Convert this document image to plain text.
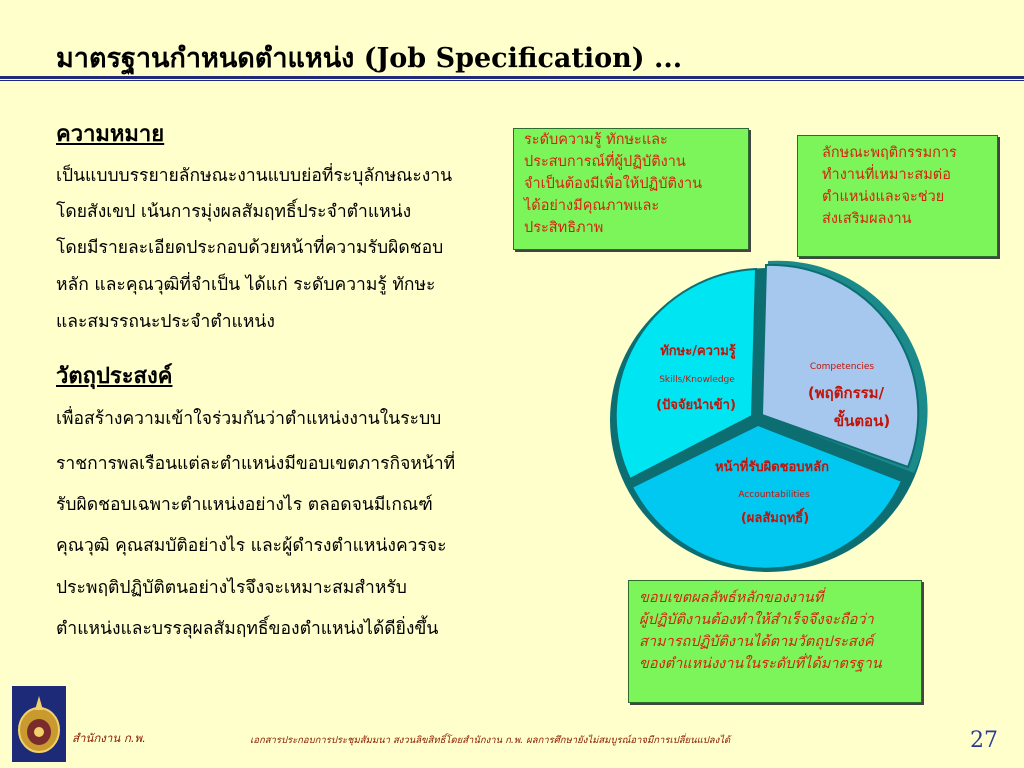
มาตรฐานกำหนดตำแหน่ง (Job Specification) ...
ความหมาย

เป็นแบบบรรยายลักษณะงานแบบย่อที่ระบุลักษณะงาน

โดยสังเขป เน้นการมุ่งผลสัมฤทธิ์ประจำตำแหน่ง

โดยมีรายละเอียดประกอบด้วยหน้าที่ความรับผิดชอบ

หลัก และคุณวุฒิที่จำเป็น ได้แก่ ระดับความรู้ ทักษะ

และสมรรถนะประจำตำแหน่ง

วัตถุประสงค์

เพื่อสร้างความเข้าใจร่วมกันว่าตำแหน่งงานในระบบ

ราชการพลเรือนแต่ละตำแหน่งมีขอบเขตภารกิจหน้าที่

รับผิดชอบเฉพาะตำแหน่งอย่างไร ตลอดจนมีเกณฑ์

คุณวุฒิ คุณสมบัติอย่างไร และผู้ดำรงตำแหน่งควรจะ

ประพฤติปฏิบัติตนอย่างไรจึงจะเหมาะสมสำหรับ

ตำแหน่งและบรรลุผลสัมฤทธิ์ของตำแหน่งได้ดียิ่งขึ้น

ระดับความรู้ ทักษะและ
ประสบการณ์ที่ผู้ปฏิบัติงาน
จำเป็นต้องมีเพื่อให้ปฏิบัติงาน
ได้อย่างมีคุณภาพและ
ประสิทธิภาพ
ลักษณะพฤติกรรมการ
ทำงานที่เหมาะสมต่อ
ตำแหน่งและจะช่วย
ส่งเสริมผลงาน
ขอบเขตผลลัพธ์หลักของงานที่
ผู้ปฏิบัติงานต้องทำให้สำเร็จจึงจะถือว่า
สามารถปฏิบัติงานได้ตามวัตถุประสงค์
ของตำแหน่งงานในระดับที่ได้มาตรฐาน
ทักษะ/ความรู้
Skills/Knowledge
(ปัจจัยนำเข้า)
Competencies
(พฤติกรรม/
ขั้นตอน)
หน้าที่รับผิดชอบหลัก
Accountabilities
(ผลสัมฤทธิ์)
สำนักงาน ก.พ.	เอกสารประกอบการประชุมสัมมนา สงวนลิขสิทธิ์โดยสำนักงาน ก.พ. ผลการศึกษายังไม่สมบูรณ์อาจมีการเปลี่ยนแปลงได้	27
